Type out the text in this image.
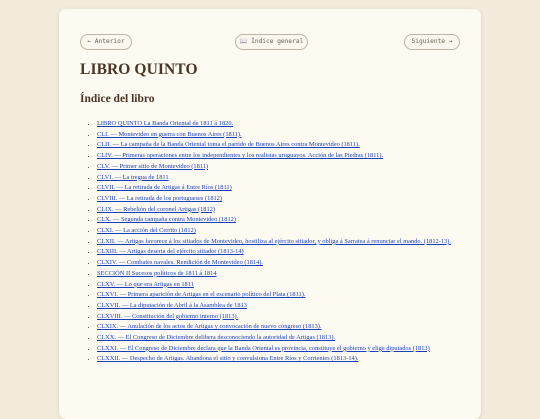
← Anterior	📖 Índice general	Siguiente →
LIBRO QUINTO
Índice del libro
• LIBRO QUINTO La Banda Oriental de 1811 á 1820.
• CLI. — Montevideo en guerra con Buenos Aires (1811).
• CLII. — La campaña de la Banda Oriental toma el partido de Buenos Aires contra Montevideo (1811).
• CLIV. — Primeras operaciones entre los independientes y los realistas uruguayos. Acción de las Piedras (1811).
• CLV. — Primer sitio de Montevideo (1811)
• CLVI. — La tregua de 1811
• CLVII. — La retirada de Artigas á Entre Ríos (1811)
• CLVIII. — La retirada de los portugueses (1812)
• CLIX. — Rebelión del coronel Artigas (1812)
• CLX. — Segunda campaña contra Montevideo (1812)
• CLXI. — La acción del Cerrito (1812)
• CLXII. — Artigas favorece á los sitiados de Montevideo, hostiliza al ejército sitiador, y obliga á Sarratea á renunciar el mando. (1812-13).
• CLXIII. — Artigas deserta del ejército sitiador (1813-14)
• CLXIV. — Combates navales. Rendición de Montevideo (1814).
• SECCIÓN II Sucesos políticos de 1811 á 1814
• CLXV. — Lo que era Artigas en 1811
• CLXVI. — Primera aparición de Artigas en el escenario político del Plata (1811).
• CLXVII. — La diputación de Abril á la Asamblea de 1813
• CLXVIII. — Constitución del gobierno interno (1813).
• CLXIX. — Anulación de los actos de Artigas y convocación de nuevo congreso (1813).
• CLXX. — El Congreso de Diciembre delibera desconociendo la autoridad de Artigas (1813).
• CLXXI. — El Congreso de Diciembre declara que la Banda Oriental es provincia, constituye el gobierno y elige diputados (1813)
• CLXXII. — Despecho de Artigas. Abandona el sitio y convulsiona Entre Ríos y Corrientes (1813-14).
